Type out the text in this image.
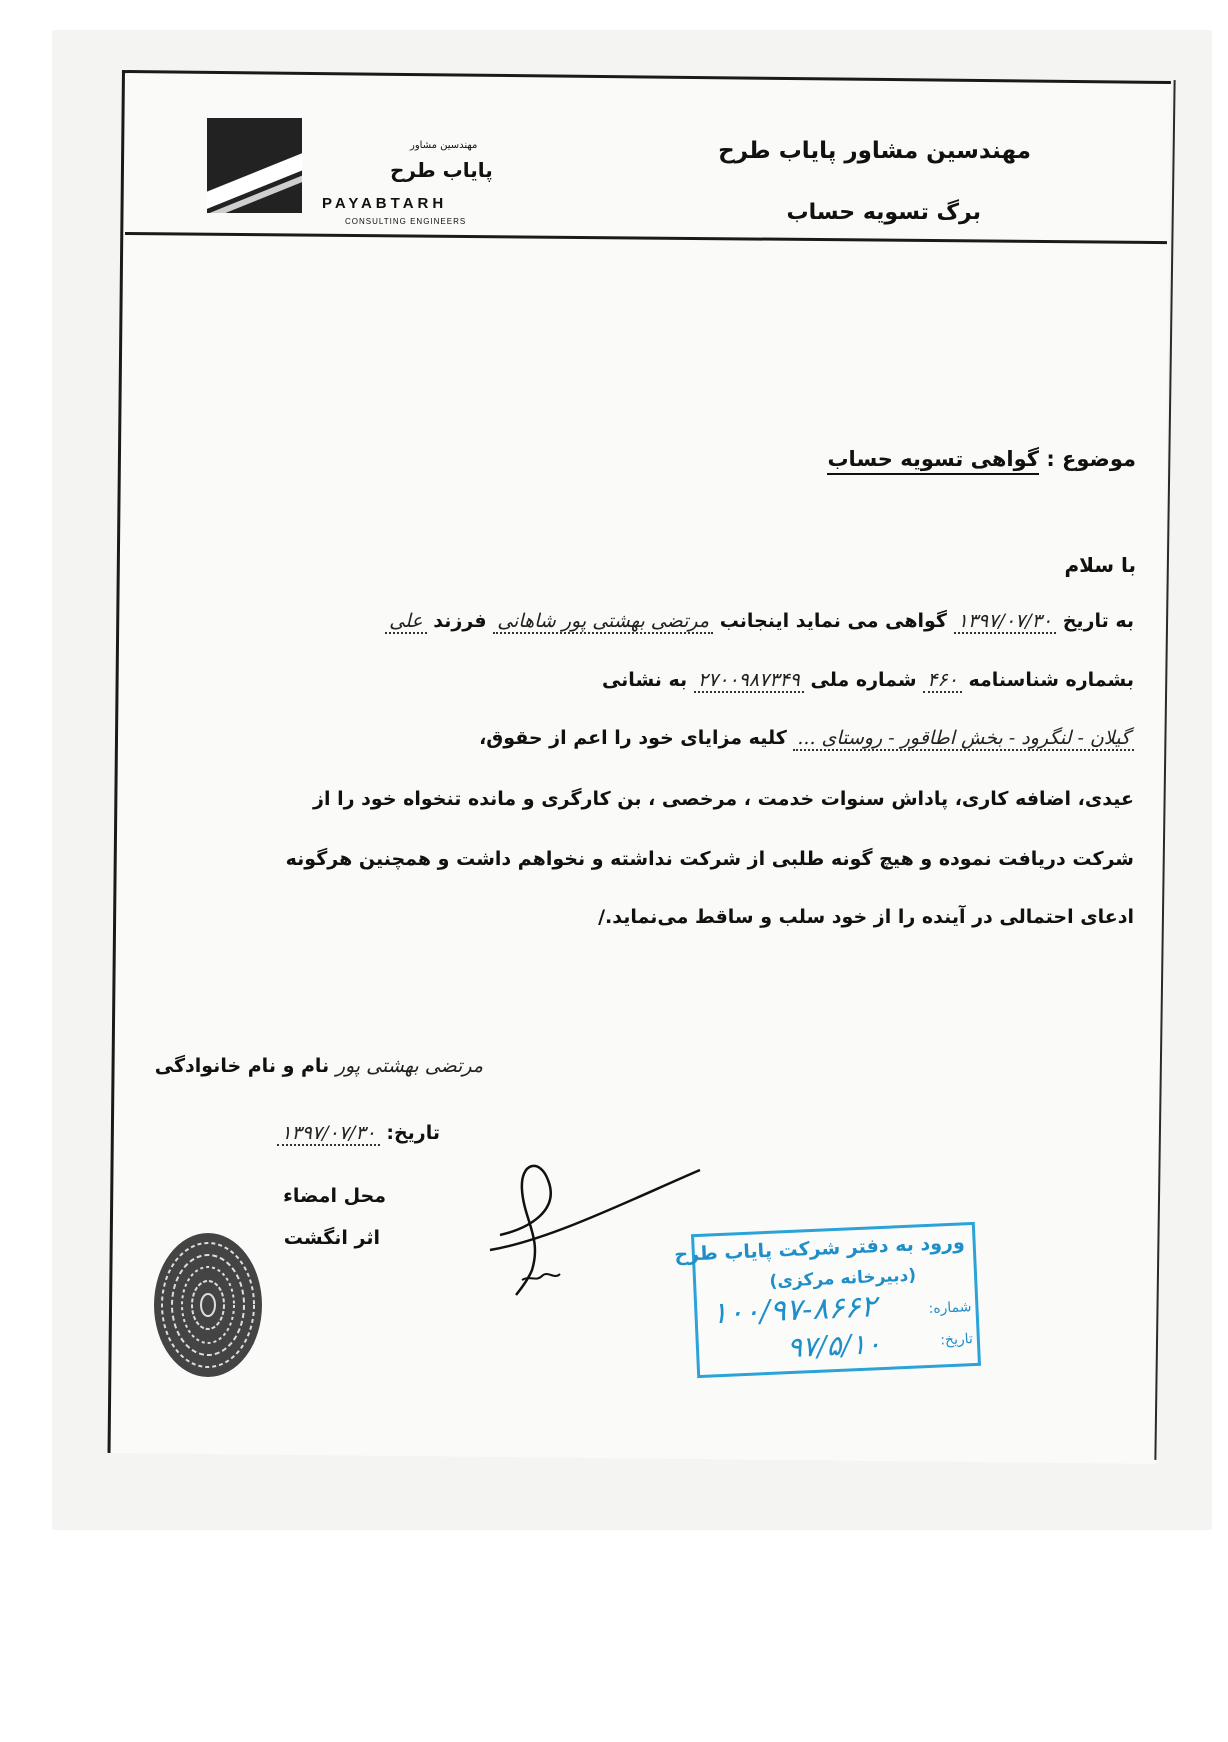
مهندسین مشاور پایاب طرح
برگ تسویه حساب
مهندسین مشاور
پایاب طرح
PAYABTARH
CONSULTING ENGINEERS
موضوع : گواهی تسویه حساب
با سلام
به تاریخ ۱۳۹۷/۰۷/۳۰ گواهی می نماید اینجانب مرتضی بهشتی پور شاهانی فرزند علی
بشماره شناسنامه ۴۶۰ شماره ملی ۲۷۰۰۹۸۷۳۴۹ به نشانی
گیلان - لنگرود - بخش اطاقور - روستای ... کلیه مزایای خود را اعم از حقوق،
عیدی، اضافه کاری، پاداش سنوات خدمت ، مرخصی ، بن کارگری و مانده تنخواه خود را از
شرکت دریافت نموده و هیچ گونه طلبی از شرکت نداشته و نخواهم داشت و همچنین هرگونه
ادعای احتمالی در آینده را از خود سلب و ساقط می‌نماید./
مرتضی بهشتی پور نام و نام خانوادگی
تاریخ: ۱۳۹۷/۰۷/۳۰
محل امضاء
اثر انگشت	ورود به دفتر شرکت پایاب طرح
(دبیرخانه مرکزی)
شماره:
تاریخ:
۱۰۰/۹۷-۸۶۶۲
۹۷/۵/۱۰
